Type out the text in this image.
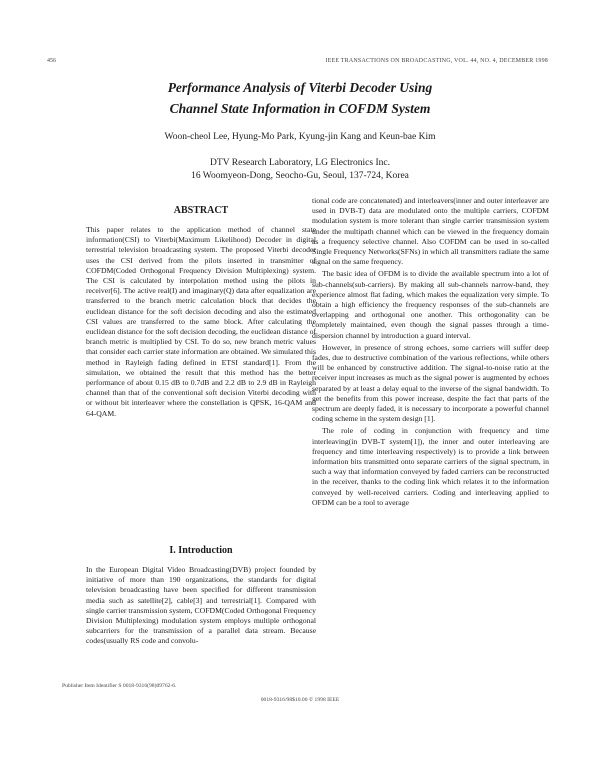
456	IEEE TRANSACTIONS ON BROADCASTING, VOL. 44, NO. 4, DECEMBER 1998
Performance Analysis of Viterbi Decoder Using
Channel State Information in COFDM System
Woon-cheol Lee, Hyung-Mo Park, Kyung-jin Kang and Keun-bae Kim
DTV Research Laboratory, LG Electronics Inc.
16 Woomyeon-Dong, Seocho-Gu, Seoul, 137-724, Korea
ABSTRACT

This paper relates to the application method of channel state information(CSI) to Viterbi(Maximum Likelihood) Decoder in digital terrestrial television broadcasting system. The proposed Viterbi decoder uses the CSI derived from the pilots inserted in transmitter of COFDM(Coded Orthogonal Frequency Division Multiplexing) system. The CSI is calculated by interpolation method using the pilots in receiver[6]. The active real(I) and imaginary(Q) data after equalization are transferred to the branch metric calculation block that decides the euclidean distance for the soft decision decoding and also the estimated CSI values are transferred to the same block. After calculating the euclidean distance for the soft decision decoding, the euclidean distance of branch metric is multiplied by CSI. To do so, new branch metric values that consider each carrier state information are obtained. We simulated this method in Rayleigh fading defined in ETSI standard[1]. From the simulation, we obtained the result that this method has the better performance of about 0.15 dB to 0.7dB and 2.2 dB to 2.9 dB in Rayleigh channel than that of the conventional soft decision Viterbi decoding with or without bit interleaver where the constellation is QPSK, 16-QAM and 64-QAM.

I. Introduction

In the European Digital Video Broadcasting(DVB) project founded by initiative of more than 190 organizations, the standards for digital television broadcasting have been specified for different transmission media such as satellite[2], cable[3] and terrestrial[1]. Compared with single carrier transmission system, COFDM(Coded Orthogonal Frequency Division Multiplexing) modulation system employs multiple orthogonal subcarriers for the transmission of a parallel data stream. Because codes(usually RS code and convolu-

tional code are concatenated) and interleavers(inner and outer interleaver are used in DVB-T) data are modulated onto the multiple carriers, COFDM modulation system is more tolerant than single carrier transmission system under the multipath channel which can be viewed in the frequency domain as a frequency selective channel. Also COFDM can be used in so-called Single Frequency Networks(SFNs) in which all transmitters radiate the same signal on the same frequency.

The basic idea of OFDM is to divide the available spectrum into a lot of sub-channels(sub-carriers). By making all sub-channels narrow-band, they experience almost flat fading, which makes the equalization very simple. To obtain a high efficiency the frequency responses of the sub-channels are overlapping and orthogonal one another. This orthogonality can be completely maintained, even though the signal passes through a time-dispersion channel by introduction a guard interval.

However, in presence of strong echoes, some carriers will suffer deep fades, due to destructive combination of the various reflections, while others will be enhanced by constructive addition. The signal-to-noise ratio at the receiver input increases as much as the signal power is augmented by echoes separated by at least a delay equal to the inverse of the signal bandwidth. To get the benefits from this power increase, despite the fact that parts of the spectrum are deeply faded, it is necessary to incorporate a powerful channel coding scheme in the system design [1].

The role of coding in conjunction with frequency and time interleaving(in DVB-T system[1]), the inner and outer interleaving are frequency and time interleaving respectively) is to provide a link between information bits transmitted onto separate carriers of the signal spectrum, in such a way that information conveyed by faded carriers can be reconstructed in the receiver, thanks to the coding link which relates it to the information conveyed by well-received carriers. Coding and interleaving applied to OFDM can be a tool to average

Publisher Item Identifier S 0018-9316(98)09762-6.
0018-9316/98$10.00 © 1998 IEEE
